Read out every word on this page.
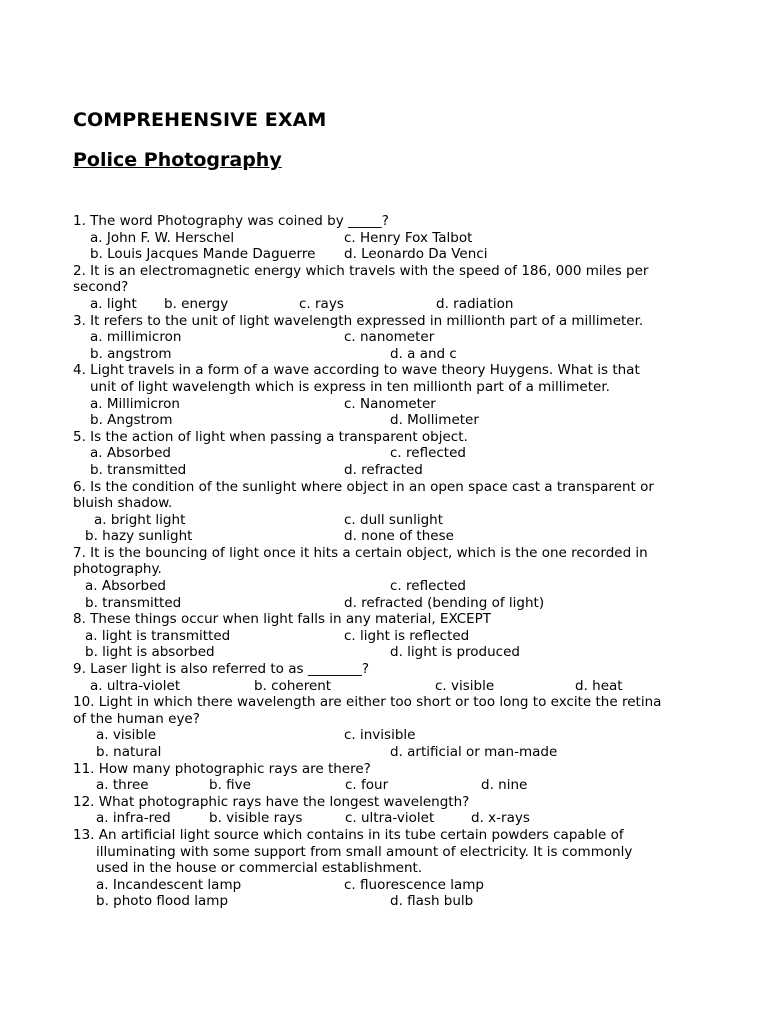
COMPREHENSIVE EXAM
Police Photography
1. The word Photography was coined by _____?
a. John F. W. Herschel	c. Henry Fox Talbot
b. Louis Jacques Mande Daguerre d. Leonardo Da Venci
2. It is an electromagnetic energy which travels with the speed of 186, 000 miles per
second?
a. light b. energy	c. rays	d. radiation
3. It refers to the unit of light wavelength expressed in millionth part of a millimeter.
a. millimicron	c. nanometer
b. angstrom	d. a and c
4. Light travels in a form of a wave according to wave theory Huygens. What is that
unit of light wavelength which is express in ten millionth part of a millimeter.
a. Millimicron	c. Nanometer
b. Angstrom	d. Mollimeter
5. Is the action of light when passing a transparent object.
a. Absorbed	c. reflected
b. transmitted	d. refracted
6. Is the condition of the sunlight where object in an open space cast a transparent or
bluish shadow.
a. bright light	c. dull sunlight
b. hazy sunlight	d. none of these
7. It is the bouncing of light once it hits a certain object, which is the one recorded in
photography.
a. Absorbed	c. reflected
b. transmitted	d. refracted (bending of light)
8. These things occur when light falls in any material, EXCEPT
a. light is transmitted	c. light is reflected
b. light is absorbed	d. light is produced
9. Laser light is also referred to as ________?
a. ultra-violet	b. coherent	c. visible	d. heat
10. Light in which there wavelength are either too short or too long to excite the retina
of the human eye?
a. visible	c. invisible
b. natural	d. artificial or man-made
11. How many photographic rays are there?
a. three	b. five	c. four	d. nine
12. What photographic rays have the longest wavelength?
a. infra-red	b. visible rays	c. ultra-violet	d. x-rays
13. An artificial light source which contains in its tube certain powders capable of
illuminating with some support from small amount of electricity. It is commonly
used in the house or commercial establishment.
a. Incandescent lamp	c. fluorescence lamp
b. photo flood lamp	d. flash bulb
